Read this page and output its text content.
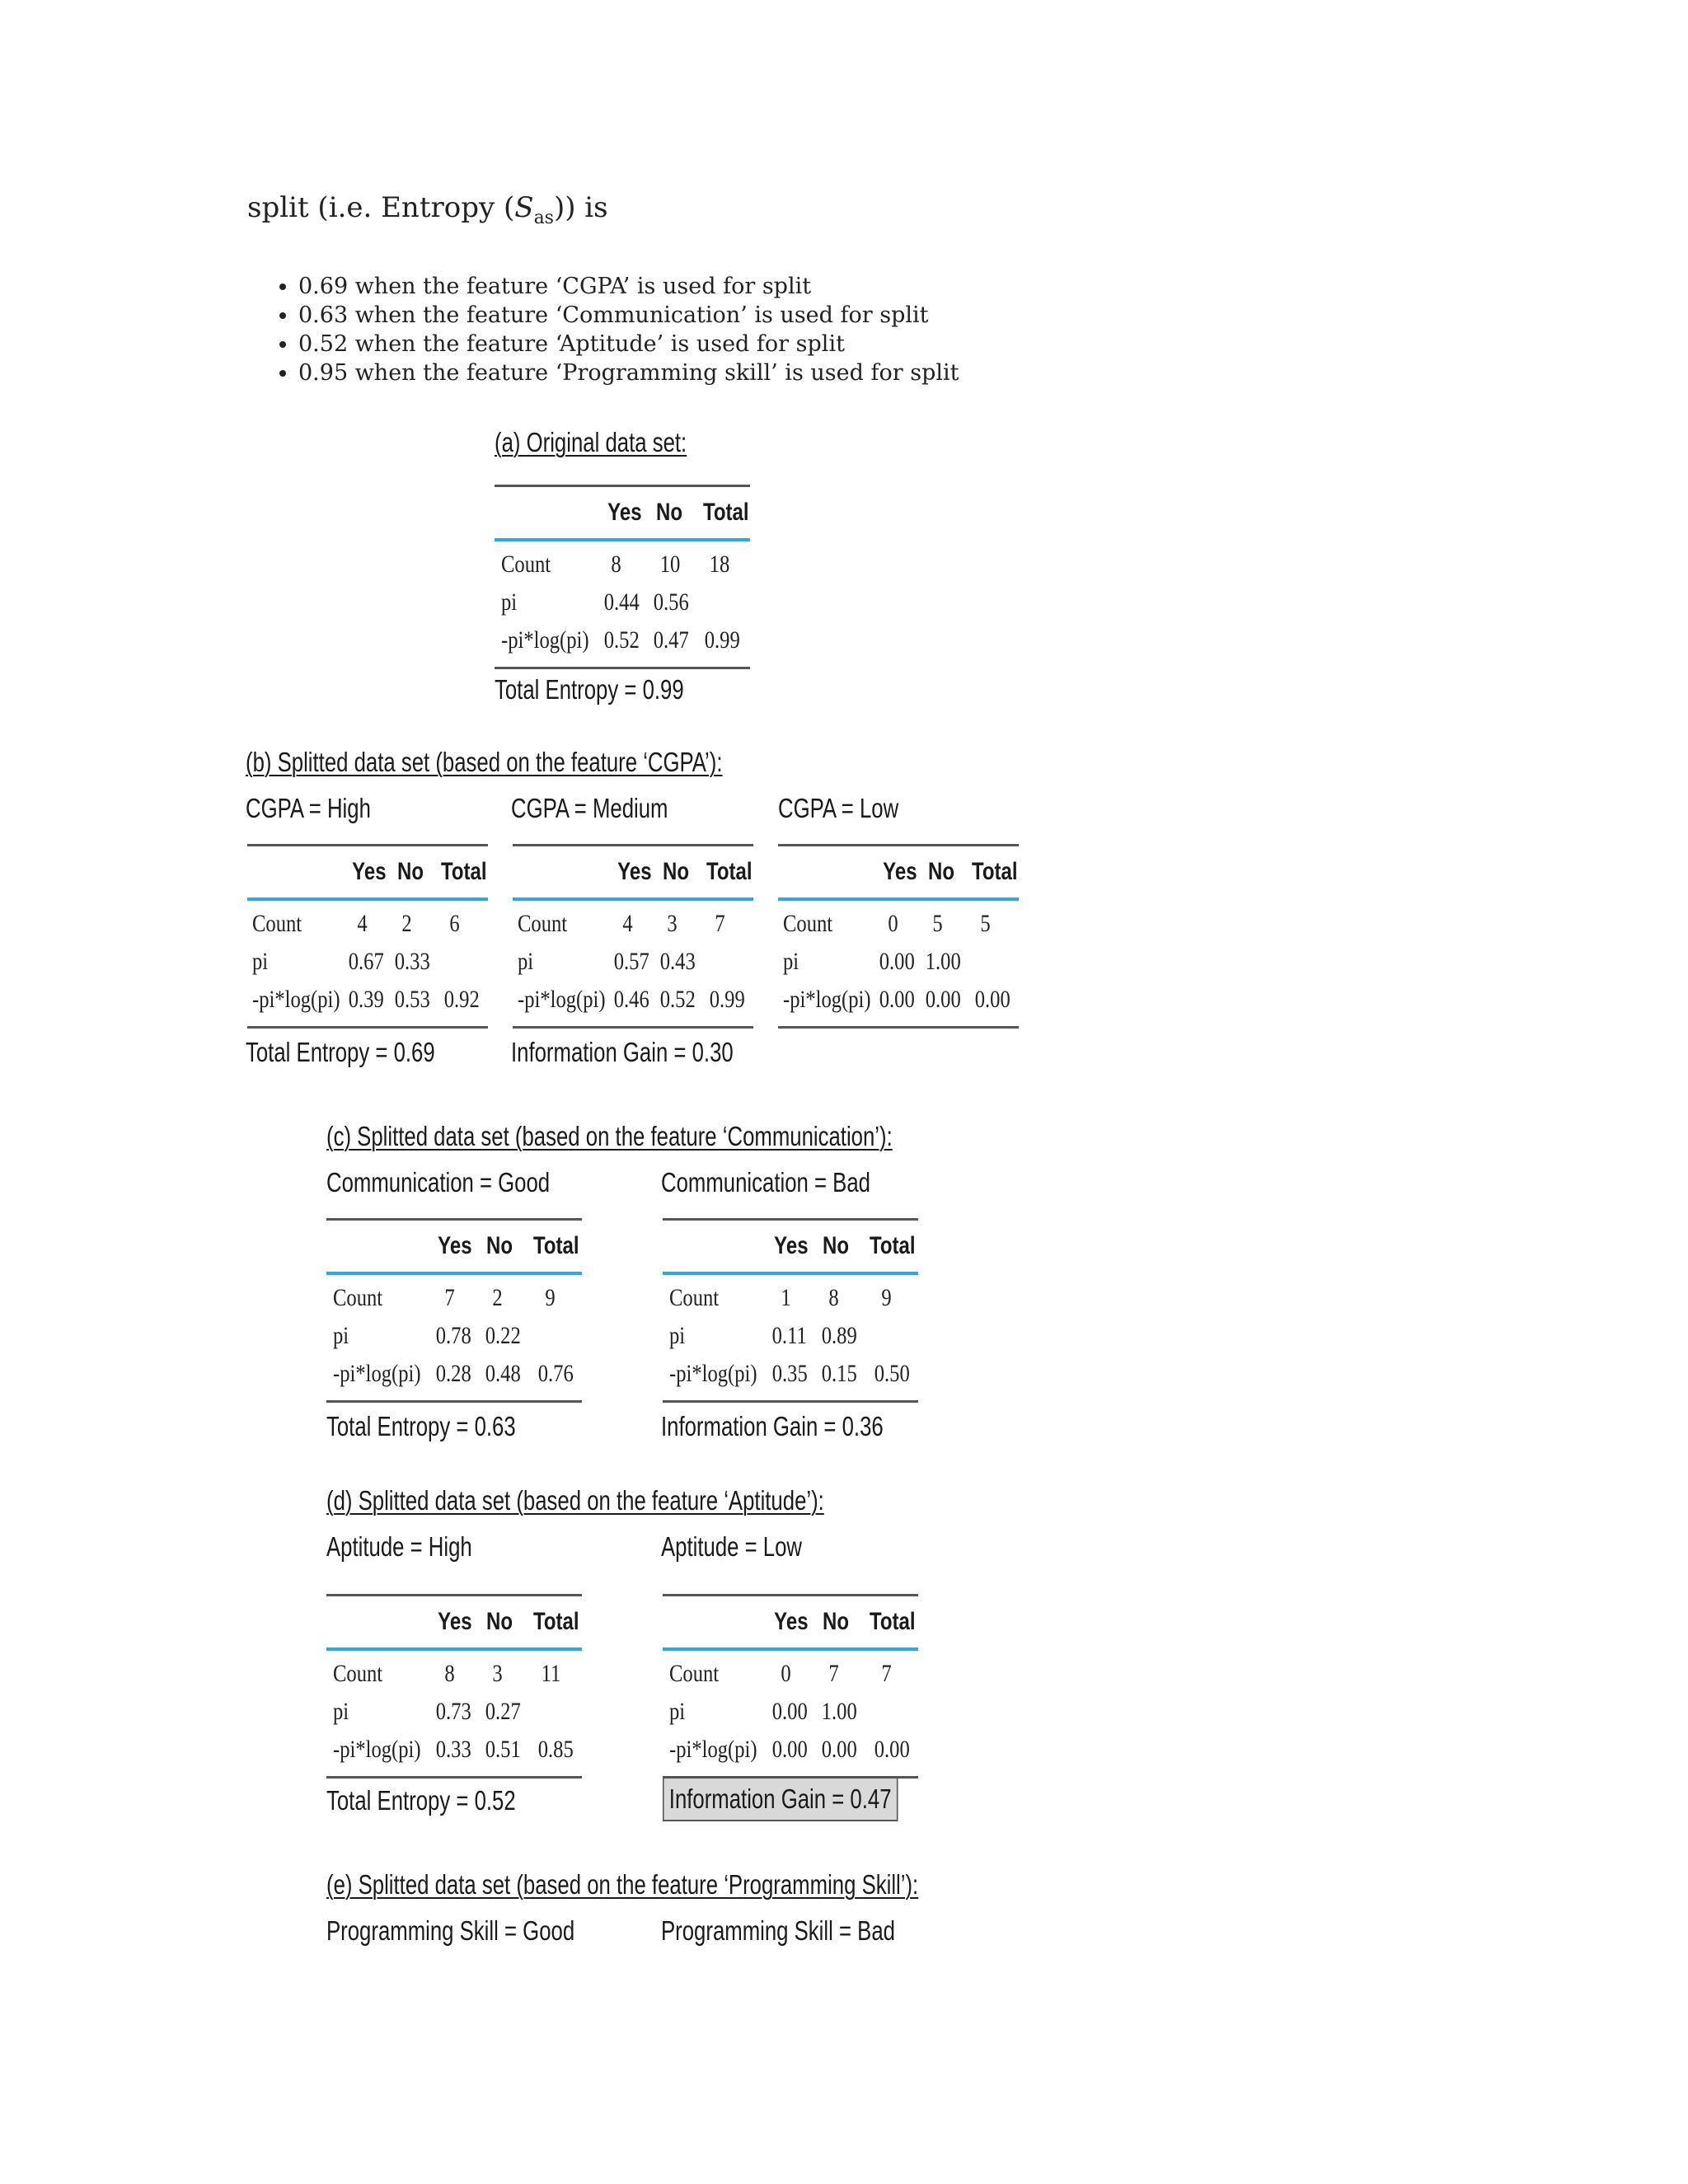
split (i.e. Entropy $(S_{as})$) is
• 0.69 when the feature ‘CGPA’ is used for split
• 0.63 when the feature ‘Communication’ is used for split
• 0.52 when the feature ‘Aptitude’ is used for split
• 0.95 when the feature ‘Programming skill’ is used for split
(a) Original data set:
Yes No Total
Count 8 10 18
pi	0.44 0.56
-pi*log(pi) 0.52 0.47 0.99
Total Entropy = 0.99
(b) Splitted data set (based on the feature ‘CGPA’):
CGPA = High	CGPA = Medium	CGPA = Low
Yes No Total
Count 4 2 6
pi	0.67 0.33
-pi*log(pi) 0.39 0.53 0.92
Yes No Total
Count 4 3 7
pi	0.57 0.43
-pi*log(pi) 0.46 0.52 0.99
Yes No Total
Count 0 5 5
pi	0.00 1.00
-pi*log(pi) 0.00 0.00 0.00
Total Entropy = 0.69	Information Gain = 0.30
(c) Splitted data set (based on the feature ‘Communication’):
Communication = Good	Communication = Bad
Yes No Total
Count	7 2 9
pi	0.78 0.22
-pi*log(pi) 0.28 0.48 0.76
Yes No Total
Count	1 8 9
pi	0.11 0.89
-pi*log(pi) 0.35 0.15 0.50
Total Entropy = 0.63	Information Gain = 0.36
(d) Splitted data set (based on the feature ‘Aptitude’):
Aptitude = High	Aptitude = Low
Yes No Total
Count	8 3 11
pi	0.73 0.27
-pi*log(pi) 0.33 0.51 0.85
Yes No Total
Count	0 7 7
pi	0.00 1.00
-pi*log(pi) 0.00 0.00 0.00
Total Entropy = 0.52	Information Gain = 0.47
(e) Splitted data set (based on the feature ‘Programming Skill’):
Programming Skill = Good	Programming Skill = Bad
